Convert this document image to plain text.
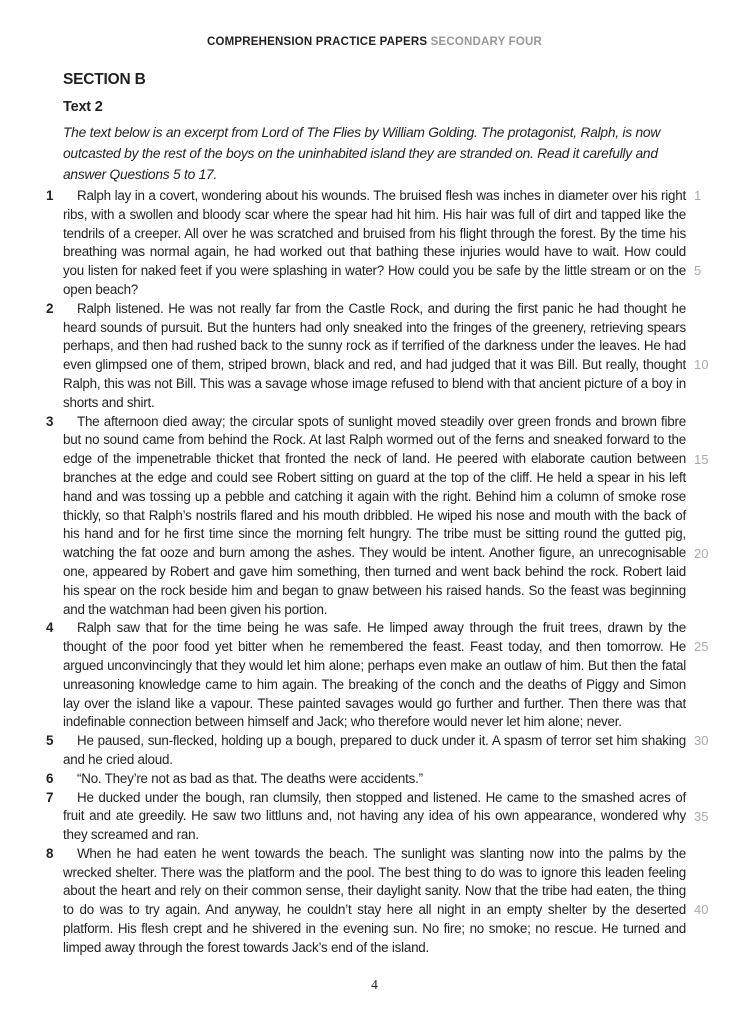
COMPREHENSION PRACTICE PAPERS SECONDARY FOUR
SECTION B
Text 2
The text below is an excerpt from Lord of The Flies by William Golding. The protagonist, Ralph, is now outcasted by the rest of the boys on the uninhabited island they are stranded on. Read it carefully and answer Questions 5 to 17.
1	Ralph lay in a covert, wondering about his wounds. The bruised flesh was inches in diameter over his right ribs, with a swollen and bloody scar where the spear had hit him. His hair was full of dirt and tapped like the tendrils of a creeper. All over he was scratched and bruised from his flight through the forest. By the time his breathing was normal again, he had worked out that bathing these injuries would have to wait. How could you listen for naked feet if you were splashing in water? How could you be safe by the little stream or on the open beach?
2	Ralph listened. He was not really far from the Castle Rock, and during the first panic he had thought he heard sounds of pursuit. But the hunters had only sneaked into the fringes of the greenery, retrieving spears perhaps, and then had rushed back to the sunny rock as if terrified of the darkness under the leaves. He had even glimpsed one of them, striped brown, black and red, and had judged that it was Bill. But really, thought Ralph, this was not Bill. This was a savage whose image refused to blend with that ancient picture of a boy in shorts and shirt.
3	The afternoon died away; the circular spots of sunlight moved steadily over green fronds and brown fibre but no sound came from behind the Rock. At last Ralph wormed out of the ferns and sneaked forward to the edge of the impenetrable thicket that fronted the neck of land. He peered with elaborate caution between branches at the edge and could see Robert sitting on guard at the top of the cliff. He held a spear in his left hand and was tossing up a pebble and catching it again with the right. Behind him a column of smoke rose thickly, so that Ralph’s nostrils flared and his mouth dribbled. He wiped his nose and mouth with the back of his hand and for he first time since the morning felt hungry. The tribe must be sitting round the gutted pig, watching the fat ooze and burn among the ashes. They would be intent. Another figure, an unrecognisable one, appeared by Robert and gave him something, then turned and went back behind the rock. Robert laid his spear on the rock beside him and began to gnaw between his raised hands. So the feast was beginning and the watchman had been given his portion.
4	Ralph saw that for the time being he was safe. He limped away through the fruit trees, drawn by the thought of the poor food yet bitter when he remembered the feast. Feast today, and then tomorrow. He argued unconvincingly that they would let him alone; perhaps even make an outlaw of him. But then the fatal unreasoning knowledge came to him again. The breaking of the conch and the deaths of Piggy and Simon lay over the island like a vapour. These painted savages would go further and further. Then there was that indefinable connection between himself and Jack; who therefore would never let him alone; never.
5	He paused, sun-flecked, holding up a bough, prepared to duck under it. A spasm of terror set him shaking and he cried aloud.
6	“No. They’re not as bad as that. The deaths were accidents.”
7	He ducked under the bough, ran clumsily, then stopped and listened. He came to the smashed acres of fruit and ate greedily. He saw two littluns and, not having any idea of his own appearance, wondered why they screamed and ran.
8	When he had eaten he went towards the beach. The sunlight was slanting now into the palms by the wrecked shelter. There was the platform and the pool. The best thing to do was to ignore this leaden feeling about the heart and rely on their common sense, their daylight sanity. Now that the tribe had eaten, the thing to do was to try again. And anyway, he couldn’t stay here all night in an empty shelter by the deserted platform. His flesh crept and he shivered in the evening sun. No fire; no smoke; no rescue. He turned and limped away through the forest towards Jack’s end of the island.
1
5
10
15
20
25
30
35
40
4
